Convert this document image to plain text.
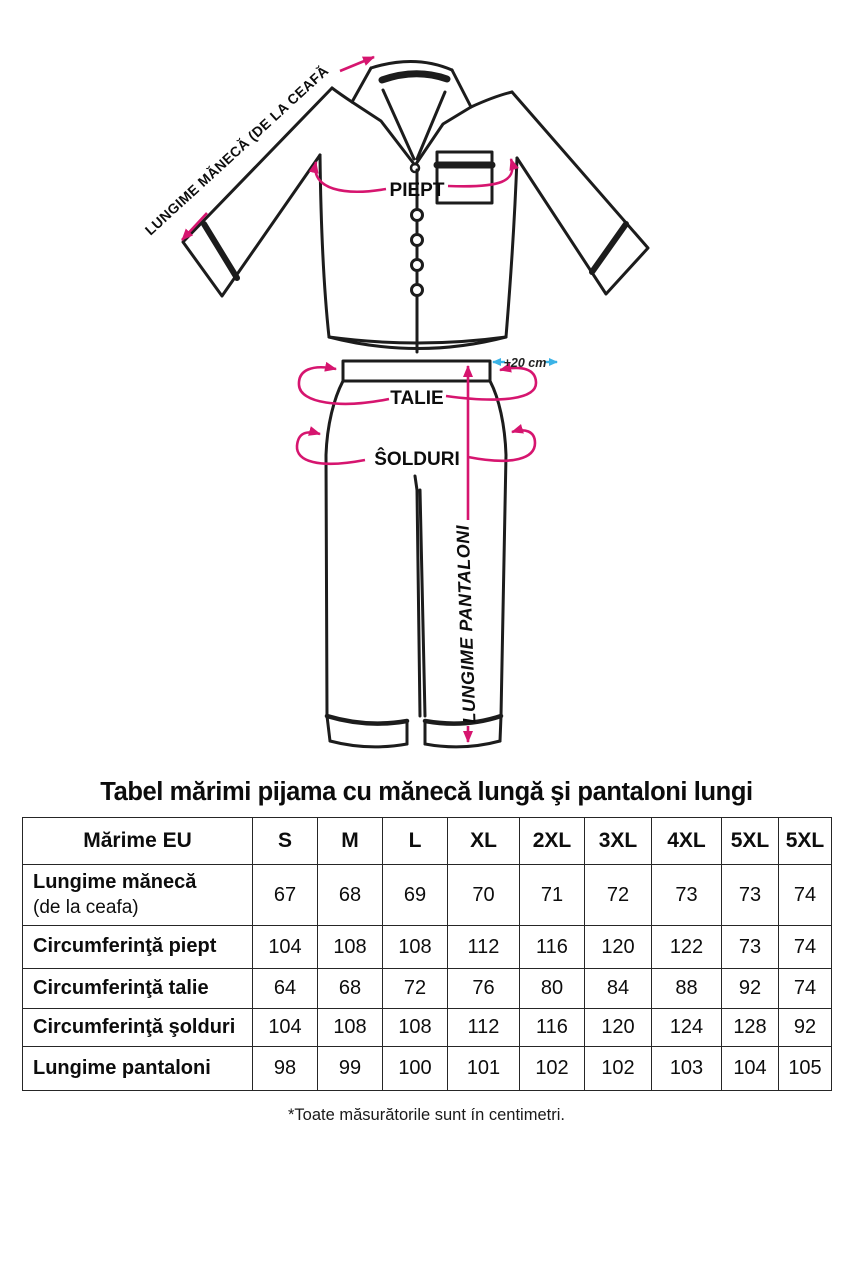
LUNGIME MĂNECĂ (DE LA CEAFĂ	PIEPT
TALIE
+20 cm
ŜOLDURI
LUNGIME PANTALONI
Tabel mărimi pijama cu mănecă lungă şi pantaloni lungi
Mărime EU	S	M	L	XL	2XL	3XL	4XL	5XL	5XL
Lungime mănecă
(de la ceafa)	67	68	69	70	71	72	73	73	74
Circumferinţă piept	104	108	108	112	116	120	122	73	74
Circumferinţă talie	64	68	72	76	80	84	88	92	74
Circumferinţă şolduri	104	108	108	112	116	120	124	128	92
Lungime pantaloni	98	99	100	101	102	102	103	104	105

*Toate măsurătorile sunt ín centimetri.
